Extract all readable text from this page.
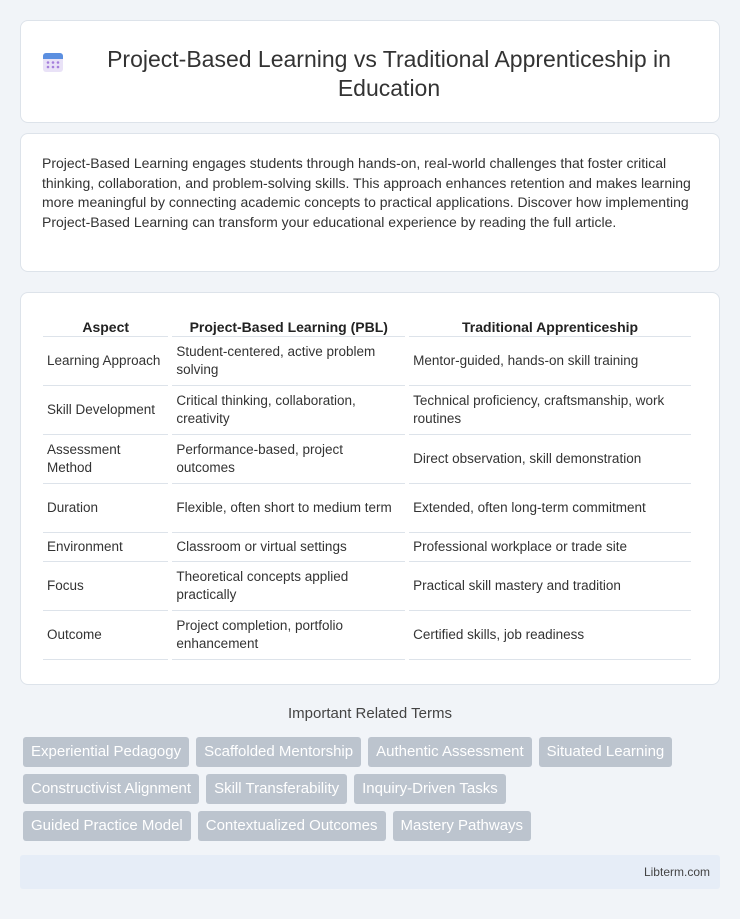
Project-Based Learning vs Traditional Apprenticeship in Education

Project-Based Learning engages students through hands-on, real-world challenges that foster critical thinking, collaboration, and problem-solving skills. This approach enhances retention and makes learning more meaningful by connecting academic concepts to practical applications. Discover how implementing Project-Based Learning can transform your educational experience by reading the full article.

Aspect	Project-Based Learning (PBL)	Traditional Apprenticeship
Learning Approach	Student-centered, active problem solving	Mentor-guided, hands-on skill training
Skill Development	Critical thinking, collaboration, creativity	Technical proficiency, craftsmanship, work routines
Assessment Method	Performance-based, project outcomes	Direct observation, skill demonstration
Duration	Flexible, often short to medium term	Extended, often long-term commitment
Environment	Classroom or virtual settings	Professional workplace or trade site
Focus	Theoretical concepts applied practically	Practical skill mastery and tradition
Outcome	Project completion, portfolio enhancement	Certified skills, job readiness
Important Related Terms
Experiential Pedagogy	Scaffolded Mentorship	Authentic Assessment	Situated Learning
Constructivist Alignment	Skill Transferability	Inquiry-Driven Tasks
Guided Practice Model	Contextualized Outcomes	Mastery Pathways
Libterm.com
